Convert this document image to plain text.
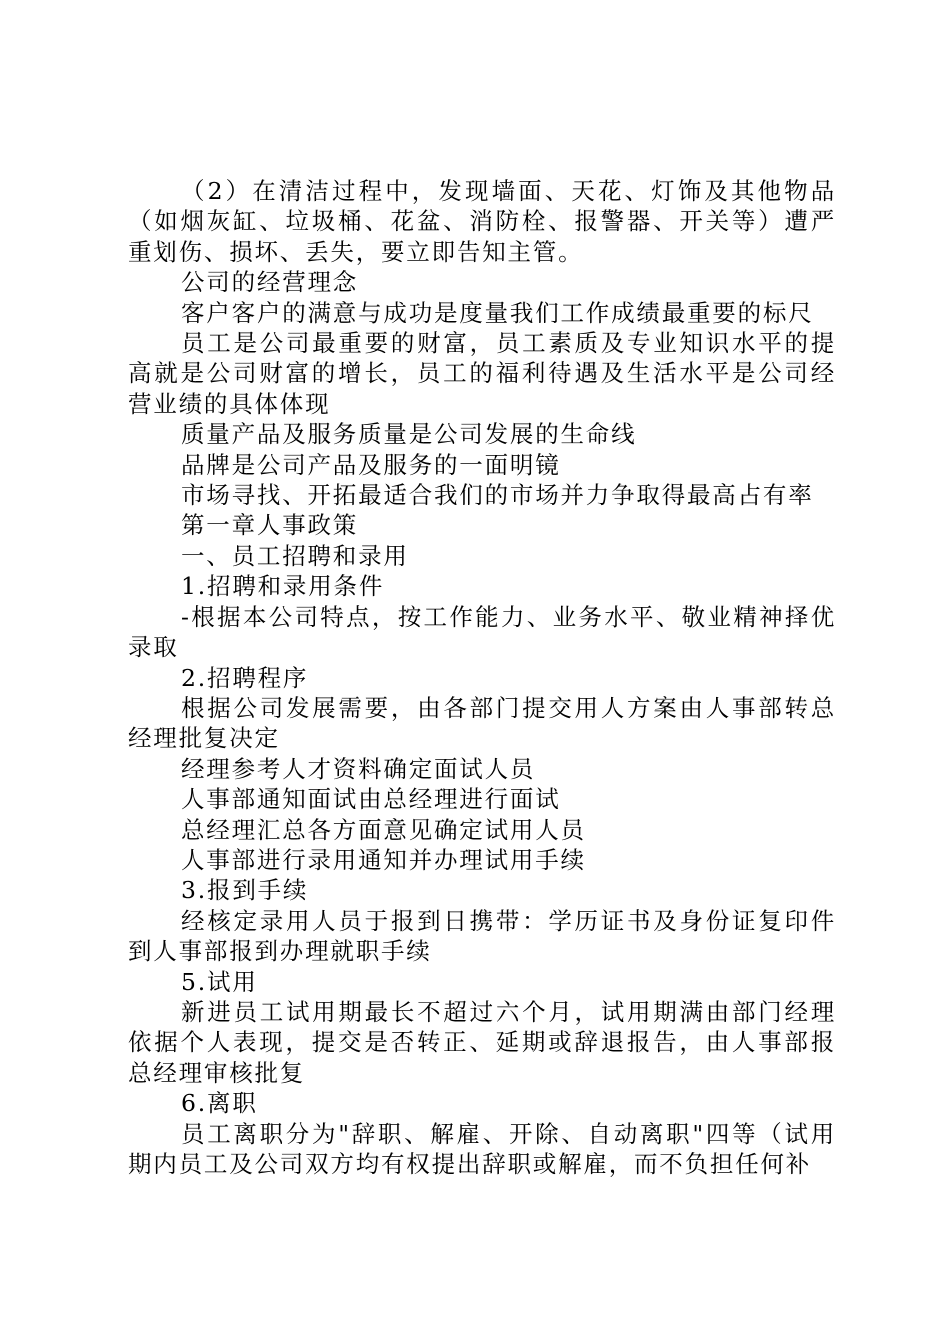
（2）在清洁过程中，发现墙面、天花、灯饰及其他物品（如烟灰缸、垃圾桶、花盆、消防栓、报警器、开关等）遭严重划伤、损坏、丢失，要立即告知主管。

公司的经营理念

客户客户的满意与成功是度量我们工作成绩最重要的标尺

员工是公司最重要的财富，员工素质及专业知识水平的提高就是公司财富的增长，员工的福利待遇及生活水平是公司经营业绩的具体体现

质量产品及服务质量是公司发展的生命线

品牌是公司产品及服务的一面明镜

市场寻找、开拓最适合我们的市场并力争取得最高占有率

第一章人事政策

一、员工招聘和录用

1.招聘和录用条件

-根据本公司特点，按工作能力、业务水平、敬业精神择优录取

2.招聘程序

根据公司发展需要，由各部门提交用人方案由人事部转总经理批复决定

经理参考人才资料确定面试人员

人事部通知面试由总经理进行面试

总经理汇总各方面意见确定试用人员

人事部进行录用通知并办理试用手续

3.报到手续

经核定录用人员于报到日携带：学历证书及身份证复印件到人事部报到办理就职手续

5.试用

新进员工试用期最长不超过六个月，试用期满由部门经理依据个人表现，提交是否转正、延期或辞退报告，由人事部报总经理审核批复

6.离职

员工离职分为"辞职、解雇、开除、自动离职"四等（试用期内员工及公司双方均有权提出辞职或解雇，而不负担任何补
